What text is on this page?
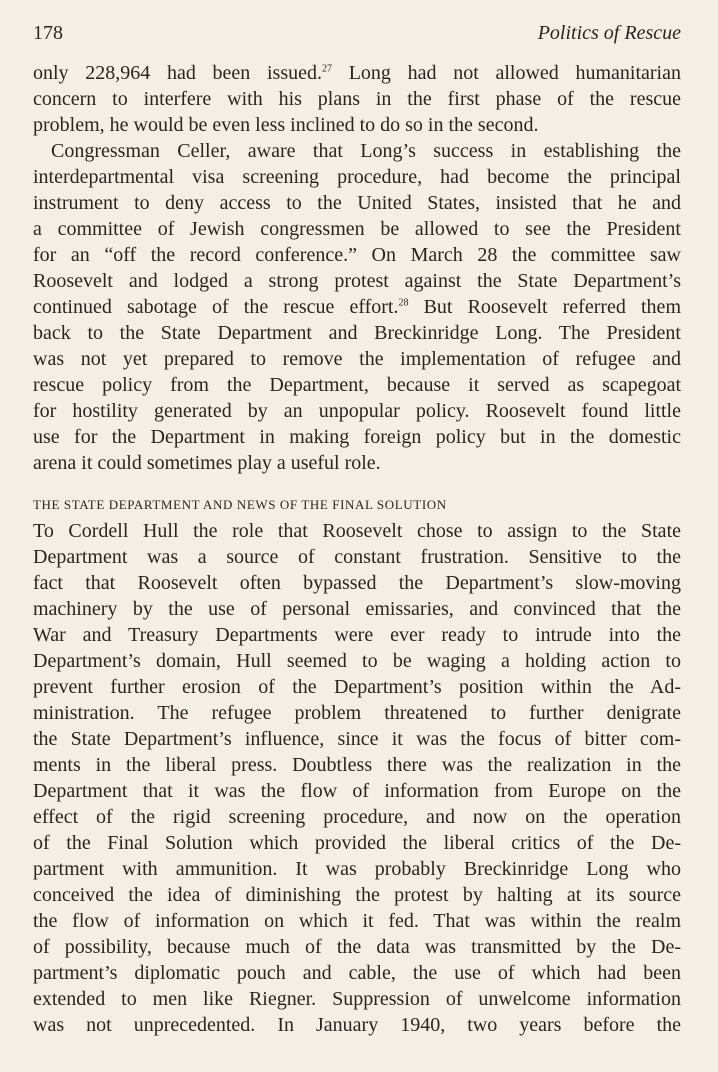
178	Politics of Rescue
only 228,964 had been issued.$^{27}$ Long had not allowed humanitarian
concern to interfere with his plans in the first phase of the rescue
problem, he would be even less inclined to do so in the second.
Congressman Celler, aware that Long’s success in establishing the
interdepartmental visa screening procedure, had become the principal
instrument to deny access to the United States, insisted that he and
a committee of Jewish congressmen be allowed to see the President
for an “off the record conference.” On March 28 the committee saw
Roosevelt and lodged a strong protest against the State Department’s
continued sabotage of the rescue effort.$^{28}$ But Roosevelt referred them
back to the State Department and Breckinridge Long. The President
was not yet prepared to remove the implementation of refugee and
rescue policy from the Department, because it served as scapegoat
for hostility generated by an unpopular policy. Roosevelt found little
use for the Department in making foreign policy but in the domestic
arena it could sometimes play a useful role.
THE STATE DEPARTMENT AND NEWS OF THE FINAL SOLUTION
To Cordell Hull the role that Roosevelt chose to assign to the State
Department was a source of constant frustration. Sensitive to the
fact that Roosevelt often bypassed the Department’s slow-moving
machinery by the use of personal emissaries, and convinced that the
War and Treasury Departments were ever ready to intrude into the
Department’s domain, Hull seemed to be waging a holding action to
prevent further erosion of the Department’s position within the Ad-
ministration. The refugee problem threatened to further denigrate
the State Department’s influence, since it was the focus of bitter com-
ments in the liberal press. Doubtless there was the realization in the
Department that it was the flow of information from Europe on the
effect of the rigid screening procedure, and now on the operation
of the Final Solution which provided the liberal critics of the De-
partment with ammunition. It was probably Breckinridge Long who
conceived the idea of diminishing the protest by halting at its source
the flow of information on which it fed. That was within the realm
of possibility, because much of the data was transmitted by the De-
partment’s diplomatic pouch and cable, the use of which had been
extended to men like Riegner. Suppression of unwelcome information
was not unprecedented. In January 1940, two years before the
